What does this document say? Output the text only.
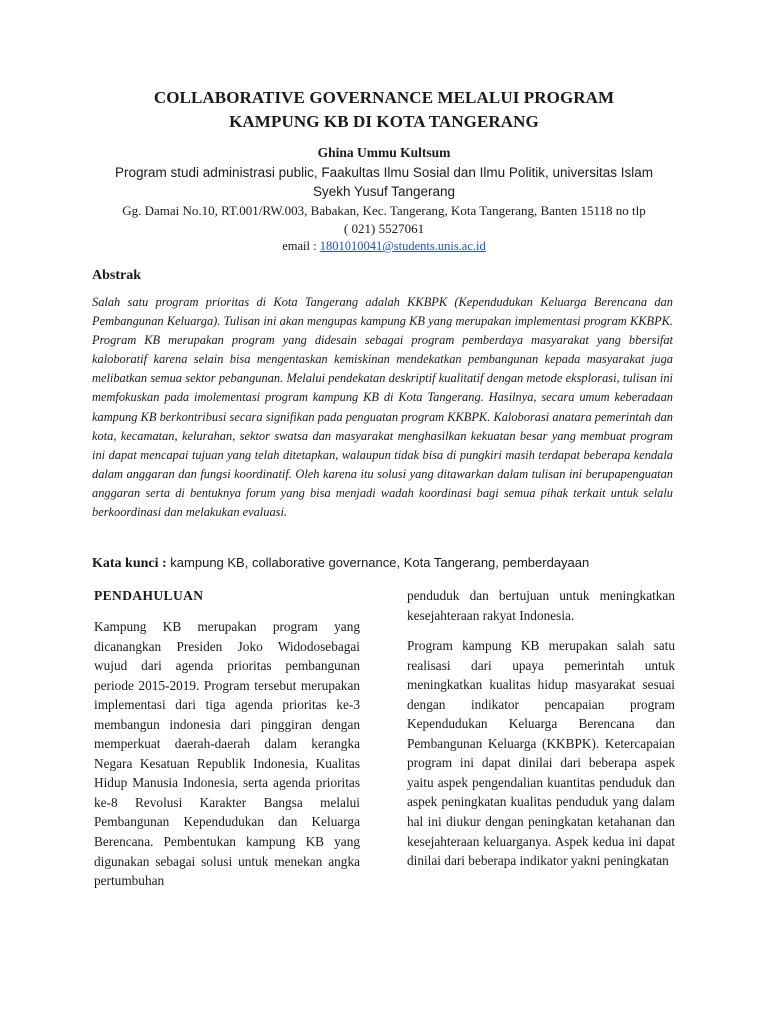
COLLABORATIVE GOVERNANCE MELALUI PROGRAM
KAMPUNG KB DI KOTA TANGERANG
Ghina Ummu Kultsum
Program studi administrasi public, Faakultas Ilmu Sosial dan Ilmu Politik, universitas Islam
Syekh Yusuf Tangerang
Gg. Damai No.10, RT.001/RW.003, Babakan, Kec. Tangerang, Kota Tangerang, Banten 15118 no tlp
( 021) 5527061
email : 1801010041@students.unis.ac.id
Abstrak

Salah satu program prioritas di Kota Tangerang adalah KKBPK (Kependudukan Keluarga Berencana dan Pembangunan Keluarga). Tulisan ini akan mengupas kampung KB yang merupakan implementasi program KKBPK. Program KB merupakan program yang didesain sebagai program pemberdaya masyarakat yang bbersifat kaloboratif karena selain bisa mengentaskan kemiskinan mendekatkan pembangunan kepada masyarakat juga melibatkan semua sektor pebangunan. Melalui pendekatan deskriptif kualitatif dengan metode eksplorasi, tulisan ini memfokuskan pada imolementasi program kampung KB di Kota Tangerang. Hasilnya, secara umum keberadaan kampung KB berkontribusi secara signifikan pada penguatan program KKBPK. Kaloborasi anatara pemerintah dan kota, kecamatan, kelurahan, sektor swatsa dan masyarakat menghasilkan kekuatan besar yang membuat program ini dapat mencapai tujuan yang telah ditetapkan, walaupun tidak bisa di pungkiri masih terdapat beberapa kendala dalam anggaran dan fungsi koordinatif. Oleh karena itu solusi yang ditawarkan dalam tulisan ini berupapenguatan anggaran serta di bentuknya forum yang bisa menjadi wadah koordinasi bagi semua pihak terkait untuk selalu berkoordinasi dan melakukan evaluasi.

Kata kunci : kampung KB, collaborative governance, Kota Tangerang, pemberdayaan
PENDAHULUAN

Kampung KB merupakan program yang dicanangkan Presiden Joko Widodosebagai wujud dari agenda prioritas pembangunan periode 2015-2019. Program tersebut merupakan implementasi dari tiga agenda prioritas ke-3 membangun indonesia dari pinggiran dengan memperkuat daerah-daerah dalam kerangka Negara Kesatuan Republik Indonesia, Kualitas Hidup Manusia Indonesia, serta agenda prioritas ke-8 Revolusi Karakter Bangsa melalui Pembangunan Kependudukan dan Keluarga Berencana. Pembentukan kampung KB yang digunakan sebagai solusi untuk menekan angka pertumbuhan

penduduk dan bertujuan untuk meningkatkan kesejahteraan rakyat Indonesia.

Program kampung KB merupakan salah satu realisasi dari upaya pemerintah untuk meningkatkan kualitas hidup masyarakat sesuai dengan indikator pencapaian program Kependudukan Keluarga Berencana dan Pembangunan Keluarga (KKBPK). Ketercapaian program ini dapat dinilai dari beberapa aspek yaitu aspek pengendalian kuantitas penduduk dan aspek peningkatan kualitas penduduk yang dalam hal ini diukur dengan peningkatan ketahanan dan kesejahteraan keluarganya. Aspek kedua ini dapat dinilai dari beberapa indikator yakni peningkatan
